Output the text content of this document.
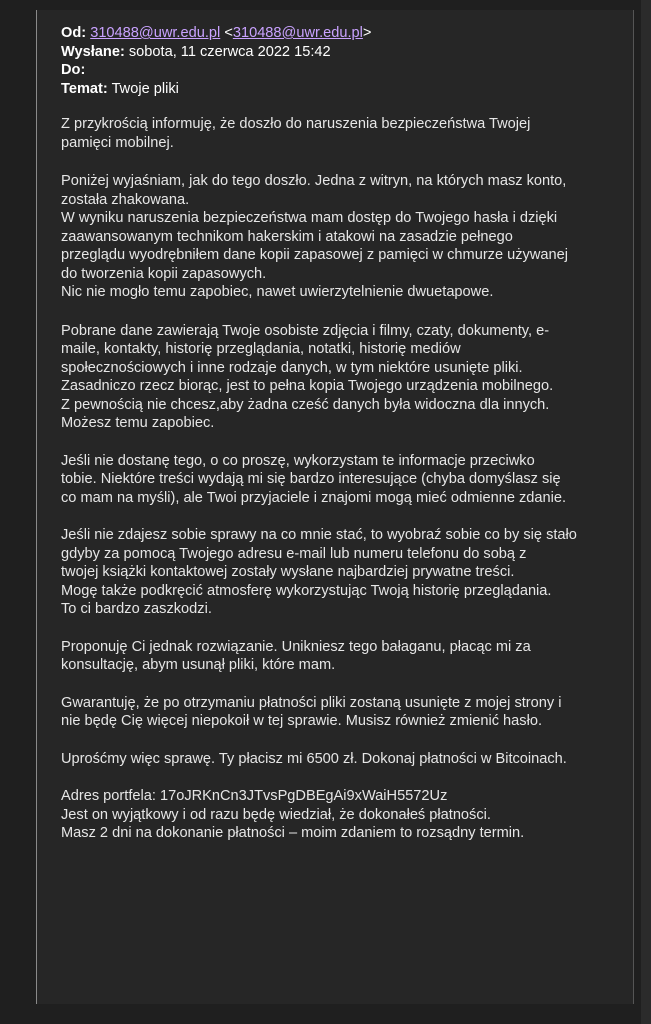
Od: 310488@uwr.edu.pl <310488@uwr.edu.pl>
Wysłane: sobota, 11 czerwca 2022 15:42
Do:
Temat: Twoje pliki

Z przykrością informuję, że doszło do naruszenia bezpieczeństwa Twojej
pamięci mobilnej.

Poniżej wyjaśniam, jak do tego doszło. Jedna z witryn, na których masz konto,
została zhakowana.
W wyniku naruszenia bezpieczeństwa mam dostęp do Twojego hasła i dzięki
zaawansowanym technikom hakerskim i atakowi na zasadzie pełnego
przeglądu wyodrębniłem dane kopii zapasowej z pamięci w chmurze używanej
do tworzenia kopii zapasowych.
Nic nie mogło temu zapobiec, nawet uwierzytelnienie dwuetapowe.

Pobrane dane zawierają Twoje osobiste zdjęcia i filmy, czaty, dokumenty, e-
maile, kontakty, historię przeglądania, notatki, historię mediów
społecznościowych i inne rodzaje danych, w tym niektóre usunięte pliki.
Zasadniczo rzecz biorąc, jest to pełna kopia Twojego urządzenia mobilnego.
Z pewnością nie chcesz,aby żadna cześć danych była widoczna dla innych.
Możesz temu zapobiec.

Jeśli nie dostanę tego, o co proszę, wykorzystam te informacje przeciwko
tobie. Niektóre treści wydają mi się bardzo interesujące (chyba domyślasz się
co mam na myśli), ale Twoi przyjaciele i znajomi mogą mieć odmienne zdanie.

Jeśli nie zdajesz sobie sprawy na co mnie stać, to wyobraź sobie co by się stało
gdyby za pomocą Twojego adresu e-mail lub numeru telefonu do sobą z
twojej książki kontaktowej zostały wysłane najbardziej prywatne treści.
Mogę także podkręcić atmosferę wykorzystując Twoją historię przeglądania.
To ci bardzo zaszkodzi.

Proponuję Ci jednak rozwiązanie. Unikniesz tego bałaganu, płacąc mi za
konsultację, abym usunął pliki, które mam.

Gwarantuję, że po otrzymaniu płatności pliki zostaną usunięte z mojej strony i
nie będę Cię więcej niepokoił w tej sprawie. Musisz również zmienić hasło.

Uprośćmy więc sprawę. Ty płacisz mi 6500 zł. Dokonaj płatności w Bitcoinach.

Adres portfela: 17oJRKnCn3JTvsPgDBEgAi9xWaiH5572Uz
Jest on wyjątkowy i od razu będę wiedział, że dokonałeś płatności.
Masz 2 dni na dokonanie płatności – moim zdaniem to rozsądny termin.
